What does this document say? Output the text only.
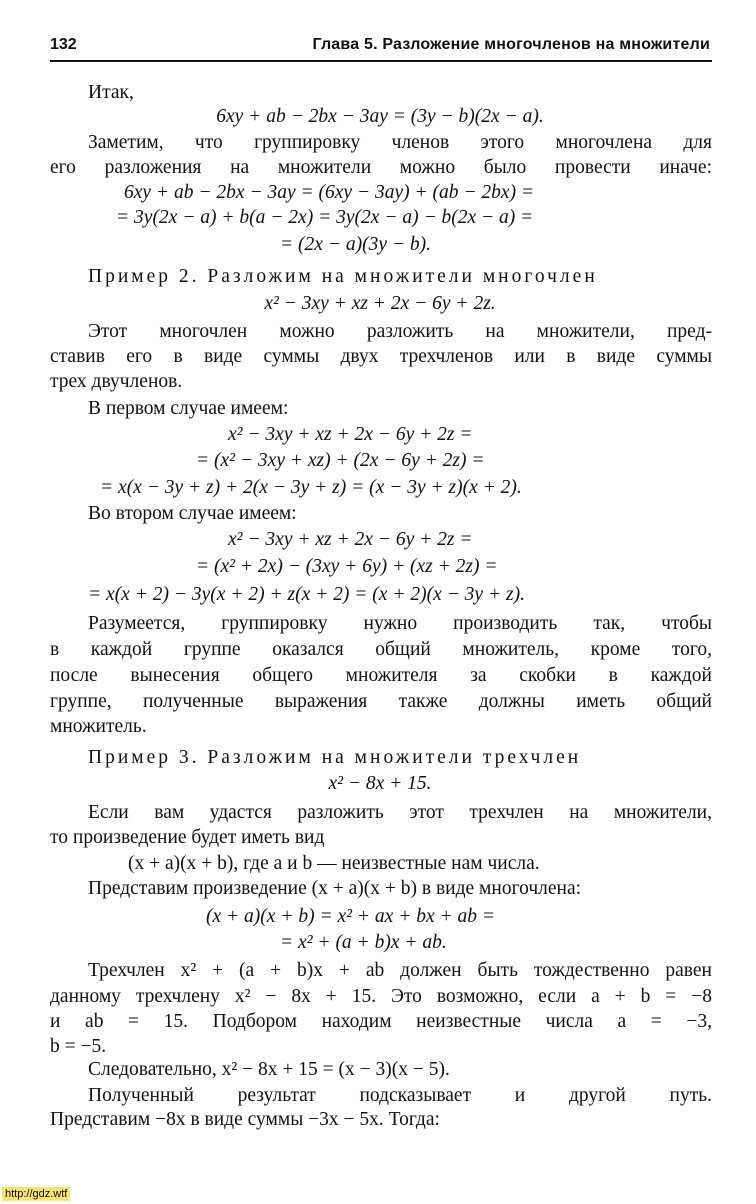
132	Глава 5. Разложение многочленов на множители
Итак,
6xy + ab − 2bx − 3ay = (3y − b)(2x − a).
Заметим, что группировку членов этого многочлена для
его разложения на множители можно было провести иначе:
6xy + ab − 2bx − 3ay = (6xy − 3ay) + (ab − 2bx) =
= 3y(2x − a) + b(a − 2x) = 3y(2x − a) − b(2x − a) =
= (2x − a)(3y − b).
Пример 2. Разложим на множители многочлен
x² − 3xy + xz + 2x − 6y + 2z.
Этот многочлен можно разложить на множители, пред-
ставив его в виде суммы двух трехчленов или в виде суммы
трех двучленов.
В первом случае имеем:
x² − 3xy + xz + 2x − 6y + 2z =
= (x² − 3xy + xz) + (2x − 6y + 2z) =
= x(x − 3y + z) + 2(x − 3y + z) = (x − 3y + z)(x + 2).
Во втором случае имеем:
x² − 3xy + xz + 2x − 6y + 2z =
= (x² + 2x) − (3xy + 6y) + (xz + 2z) =
= x(x + 2) − 3y(x + 2) + z(x + 2) = (x + 2)(x − 3y + z).
Разумеется, группировку нужно производить так, чтобы
в каждой группе оказался общий множитель, кроме того,
после вынесения общего множителя за скобки в каждой
группе, полученные выражения также должны иметь общий
множитель.
Пример 3. Разложим на множители трехчлен
x² − 8x + 15.
Если вам удастся разложить этот трехчлен на множители,
то произведение будет иметь вид
(x + a)(x + b), где a и b — неизвестные нам числа.
Представим произведение (x + a)(x + b) в виде многочлена:
(x + a)(x + b) = x² + ax + bx + ab =
= x² + (a + b)x + ab.
Трехчлен x² + (a + b)x + ab должен быть тождественно равен
данному трехчлену x² − 8x + 15. Это возможно, если a + b = −8
и ab = 15. Подбором находим неизвестные числа a = −3,
b = −5.
Следовательно, x² − 8x + 15 = (x − 3)(x − 5).
Полученный результат подсказывает и другой путь.
Представим −8x в виде суммы −3x − 5x. Тогда:
http://gdz.wtf
